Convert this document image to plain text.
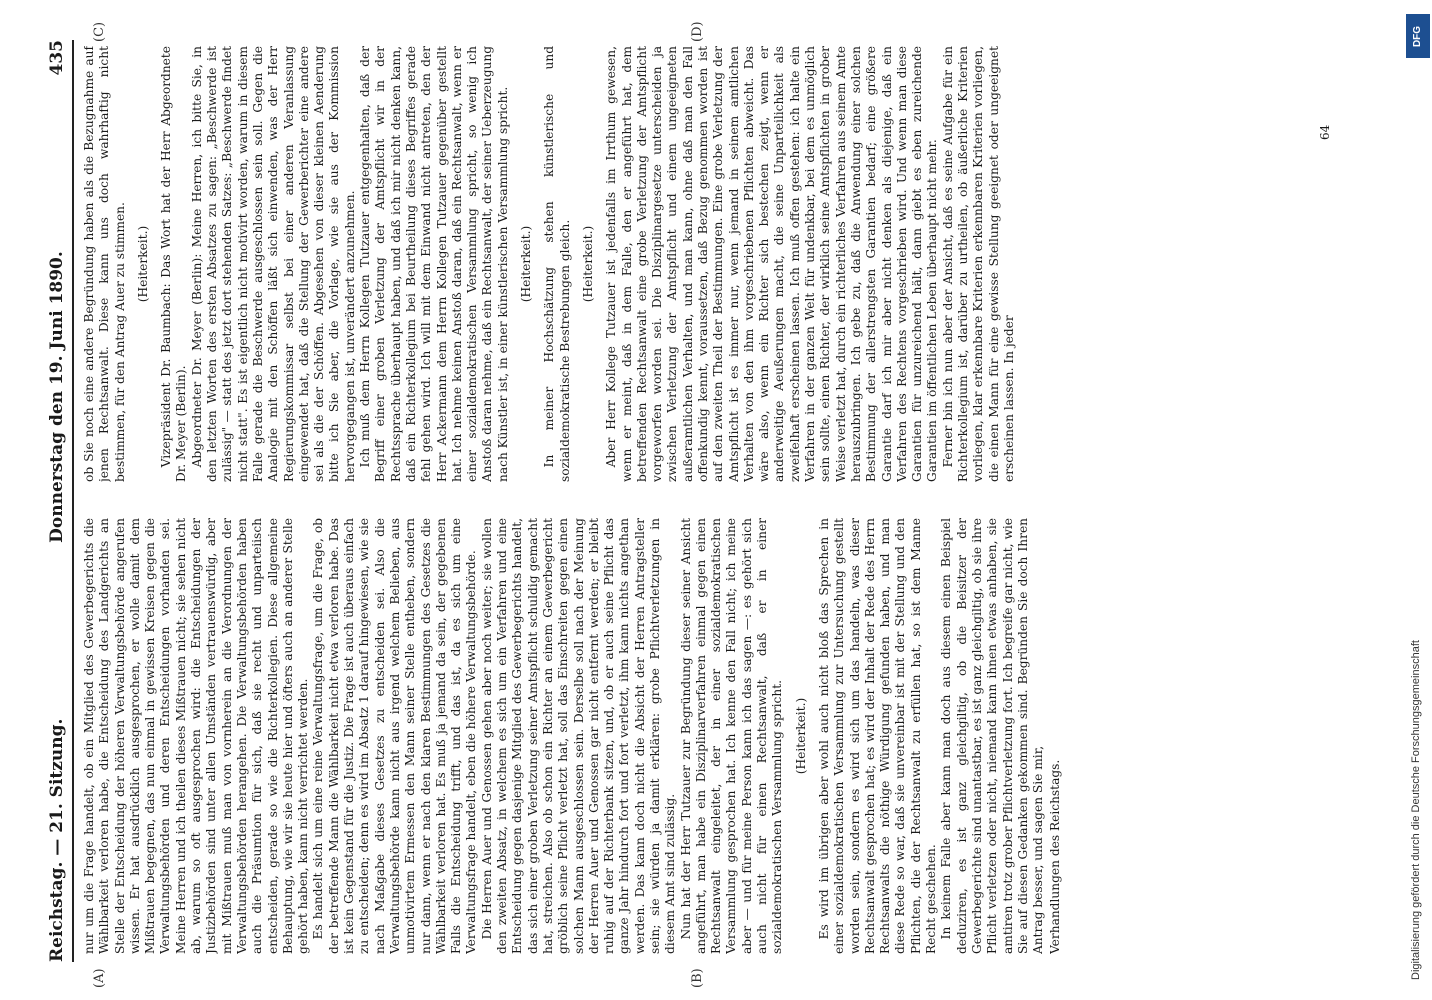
Reichstag. — 21. Sitzung.
Donnerstag den 19. Juni 1890.
435
(A)	(B)
(C)	(D)

nur um die Frage handelt, ob ein Mitglied des Gewerbegerichts die Wählbarkeit verloren habe, die Entscheidung des Landgerichts an Stelle der Entscheidung der höheren Verwaltungsbehörde angerufen wissen. Er hat ausdrücklich ausgesprochen, er wolle damit dem Mißtrauen begegnen, das nun einmal in gewissen Kreisen gegen die Verwaltungsbehörden und deren Entscheidungen vorhanden sei. Meine Herren und ich theilen dieses Mißtrauen nicht; sie sehen nicht ab, warum so oft ausgesprochen wird: die Entscheidungen der Justizbehörden sind unter allen Umständen vertrauenswürdig, aber mit Mißtrauen muß man von vornherein an die Verordnungen der Verwaltungsbehörden herangehen. Die Verwaltungsbehörden haben auch die Präsumtion für sich, daß sie recht und unparteiisch entscheiden, gerade so wie die Richterkollegien. Diese allgemeine Behauptung, wie wir sie heute hier und öfters auch an anderer Stelle gehört haben, kann nicht verrichtet werden. Es handelt sich um eine reine Verwaltungsfrage, um die Frage, ob der betreffende Mann die Wählbarkeit nicht etwa verloren habe. Das ist kein Gegenstand für die Justiz. Die Frage ist auch überaus einfach zu entscheiden; denn es wird im Absatz 1 darauf hingewiesen, wie sie nach Maßgabe dieses Gesetzes zu entscheiden sei. Also die Verwaltungsbehörde kann nicht aus irgend welchem Belieben, aus unmotivirtem Ermessen den Mann seiner Stelle entheben, sondern nur dann, wenn er nach den klaren Bestimmungen des Gesetzes die Wählbarkeit verloren hat. Es muß ja jemand da sein, der gegebenen Falls die Entscheidung trifft, und das ist, da es sich um eine Verwaltungsfrage handelt, eben die höhere Verwaltungsbehörde. Die Herren Auer und Genossen gehen aber noch weiter; sie wollen den zweiten Absatz, in welchem es sich um ein Verfahren und eine Entscheidung gegen dasjenige Mitglied des Gewerbegerichts handelt, das sich einer groben Verletzung seiner Amtspflicht schuldig gemacht hat, streichen. Also ob schon ein Richter an einem Gewerbegericht gröblich seine Pflicht verletzt hat, soll das Einschreiten gegen einen solchen Mann ausgeschlossen sein. Derselbe soll nach der Meinung der Herren Auer und Genossen gar nicht entfernt werden; er bleibt ruhig auf der Richterbank sitzen, und, ob er auch seine Pflicht das ganze Jahr hindurch fort und fort verletzt, ihm kann nichts angethan werden. Das kann doch nicht die Absicht der Herren Antragsteller sein; sie würden ja damit erklären: grobe Pflichtverletzungen in diesem Amt sind zulässig. Nun hat der Herr Tutzauer zur Begründung dieser seiner Ansicht angeführt, man habe ein Disziplinarverfahren einmal gegen einen Rechtsanwalt eingeleitet, der in einer sozialdemokratischen Versammlung gesprochen hat. Ich kenne den Fall nicht; ich meine aber — und für meine Person kann ich das sagen —: es gehört sich auch nicht für einen Rechtsanwalt, daß er in einer sozialdemokratischen Versammlung spricht. (Heiterkeit.) Es wird im übrigen aber wohl auch nicht bloß das Sprechen in einer sozialdemokratischen Versammlung zur Untersuchung gestellt worden sein, sondern es wird sich um das handeln, was dieser Rechtsanwalt gesprochen hat; es wird der Inhalt der Rede des Herrn Rechtsanwalts die nöthige Würdigung gefunden haben, und man diese Rede so war, daß sie unvereinbar ist mit der Stellung und den Pflichten, die der Rechtsanwalt zu erfüllen hat, so ist dem Manne Recht geschehen. In keinem Falle aber kann man doch aus diesem einen Beispiel deduziren, es ist ganz gleichgiltig, ob die Beisitzer der Gewerbegerichte sind unantastbar, es ist ganz gleichgiltig, ob sie ihre Pflicht verletzen oder nicht, niemand kann ihnen etwas anhaben, sie amtiren trotz grober Pflichtverletzung fort. Ich begreife gar nicht, wie Sie auf diesen Gedanken gekommen sind. Begründen Sie doch Ihren Antrag besser, und sagen Sie mir, Verhandlungen des Reichstags.

ob Sie noch eine andere Begründung haben als die Bezugnahme auf jenen Rechtsanwalt. Diese kann uns doch wahrhaftig nicht bestimmen, für den Antrag Auer zu stimmen. (Heiterkeit.) Vizepräsident Dr. Baumbach: Das Wort hat der Herr Abgeordnete Dr. Meyer (Berlin). Abgeordneter Dr. Meyer (Berlin): Meine Herren, ich bitte Sie, in den letzten Worten des ersten Absatzes zu sagen: „Beschwerde ist zulässig" — statt des jetzt dort stehenden Satzes: „Beschwerde findet nicht statt". Es ist eigentlich nicht motivirt worden, warum in diesem Falle gerade die Beschwerde ausgeschlossen sein soll. Gegen die Analogie mit den Schöffen läßt sich einwenden, was der Herr Regierungskommissar selbst bei einer anderen Veranlassung eingewendet hat, daß die Stellung der Gewerberichter eine andere sei als die der Schöffen. Abgesehen von dieser kleinen Aenderung bitte ich Sie aber, die Vorlage, wie sie aus der Kommission hervorgegangen ist, unverändert anzunehmen. Ich muß dem Herrn Kollegen Tutzauer entgegenhalten, daß der Begriff einer groben Verletzung der Amtspflicht wir in der Rechtssprache überhaupt haben, und daß ich mir nicht denken kann, daß ein Richterkollegium bei Beurtheilung dieses Begriffes gerade fehl gehen wird. Ich will mit dem Einwand nicht antreten, den der Herr Ackermann dem Herrn Kollegen Tutzauer gegenüber gestellt hat. Ich nehme keinen Anstoß daran, daß ein Rechtsanwalt, wenn er einer sozialdemokratischen Versammlung spricht, so wenig ich Anstoß daran nehme, daß ein Rechtsanwalt, der seiner Ueberzeugung nach Künstler ist, in einer künstlerischen Versammlung spricht. (Heiterkeit.) In meiner Hochschätzung stehen künstlerische und sozialdemokratische Bestrebungen gleich. (Heiterkeit.) Aber Herr Kollege Tutzauer ist jedenfalls im Irrthum gewesen, wenn er meint, daß in dem Falle, den er angeführt hat, dem betreffenden Rechtsanwalt eine grobe Verletzung der Amtspflicht vorgeworfen worden sei. Die Disziplinargesetze unterscheiden ja zwischen Verletzung der Amtspflicht und einem ungeeigneten außeramtlichen Verhalten, und man kann, ohne daß man den Fall offenkundig kennt, voraussetzen, daß Bezug genommen worden ist auf den zweiten Theil der Bestimmungen. Eine grobe Verletzung der Amtspflicht ist es immer nur, wenn jemand in seinem amtlichen Verhalten von den ihm vorgeschriebenen Pflichten abweicht. Das wäre also, wenn ein Richter sich bestechen zeigt, wenn er anderweitige Aeußerungen macht, die seine Unparteilichkeit als zweifelhaft erscheinen lassen. Ich muß offen gestehen: ich halte ein Verfahren in der ganzen Welt für undenkbar, bei dem es unmöglich sein sollte, einen Richter, der wirklich seine Amtspflichten in grober Weise verletzt hat, durch ein richterliches Verfahren aus seinem Amte herauszubringen. Ich gebe zu, daß die Anwendung einer solchen Bestimmung der allerstrengsten Garantien bedarf; eine größere Garantie darf ich mir aber nicht denken als diejenige, daß ein Verfahren des Rechtens vorgeschrieben wird. Und wenn man diese Garantien für unzureichend hält, dann giebt es eben zureichende Garantien im öffentlichen Leben überhaupt nicht mehr. Ferner bin ich nun aber der Ansicht, daß es seine Aufgabe für ein Richterkollegium ist, darüber zu urtheilen, ob äußerliche Kriterien vorliegen, klar erkennbare Kriterien erkennbaren Kriterien vorliegen, die einen Mann für eine gewisse Stellung geeignet oder ungeeignet erscheinen lassen. In jeder

64
DFG
Digitalisierung gefördert durch die Deutsche Forschungsgemeinschaft
